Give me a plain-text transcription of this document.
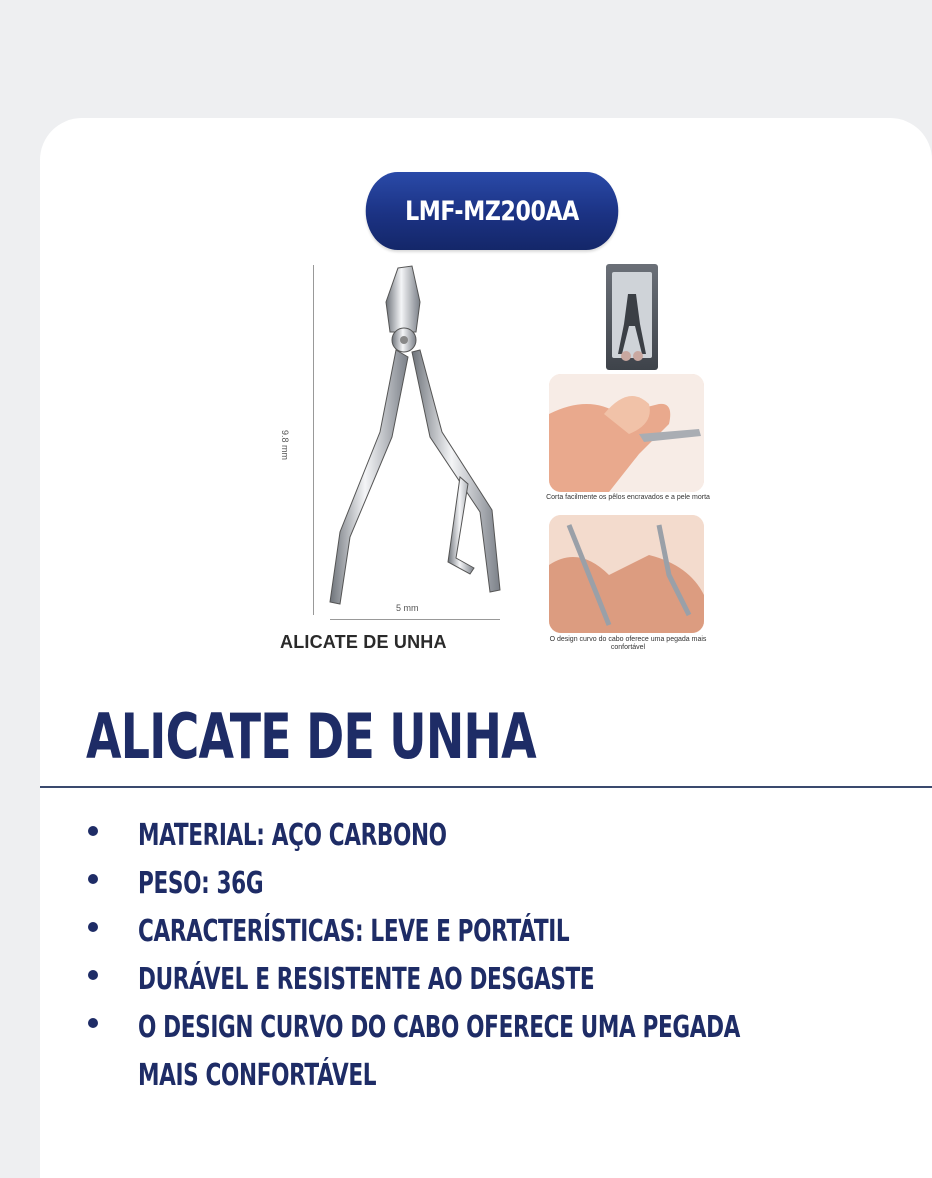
LMF-MZ200AA
9.8 mm
5 mm
ALICATE DE UNHA
Corta facilmente os pêlos encravados e a pele morta
O design curvo do cabo oferece uma pegada mais confortável
ALICATE DE UNHA
MATERIAL: AÇO CARBONO
PESO: 36G
CARACTERÍSTICAS: LEVE E PORTÁTIL
DURÁVEL E RESISTENTE AO DESGASTE
O DESIGN CURVO DO CABO OFERECE UMA PEGADA MAIS CONFORTÁVEL
